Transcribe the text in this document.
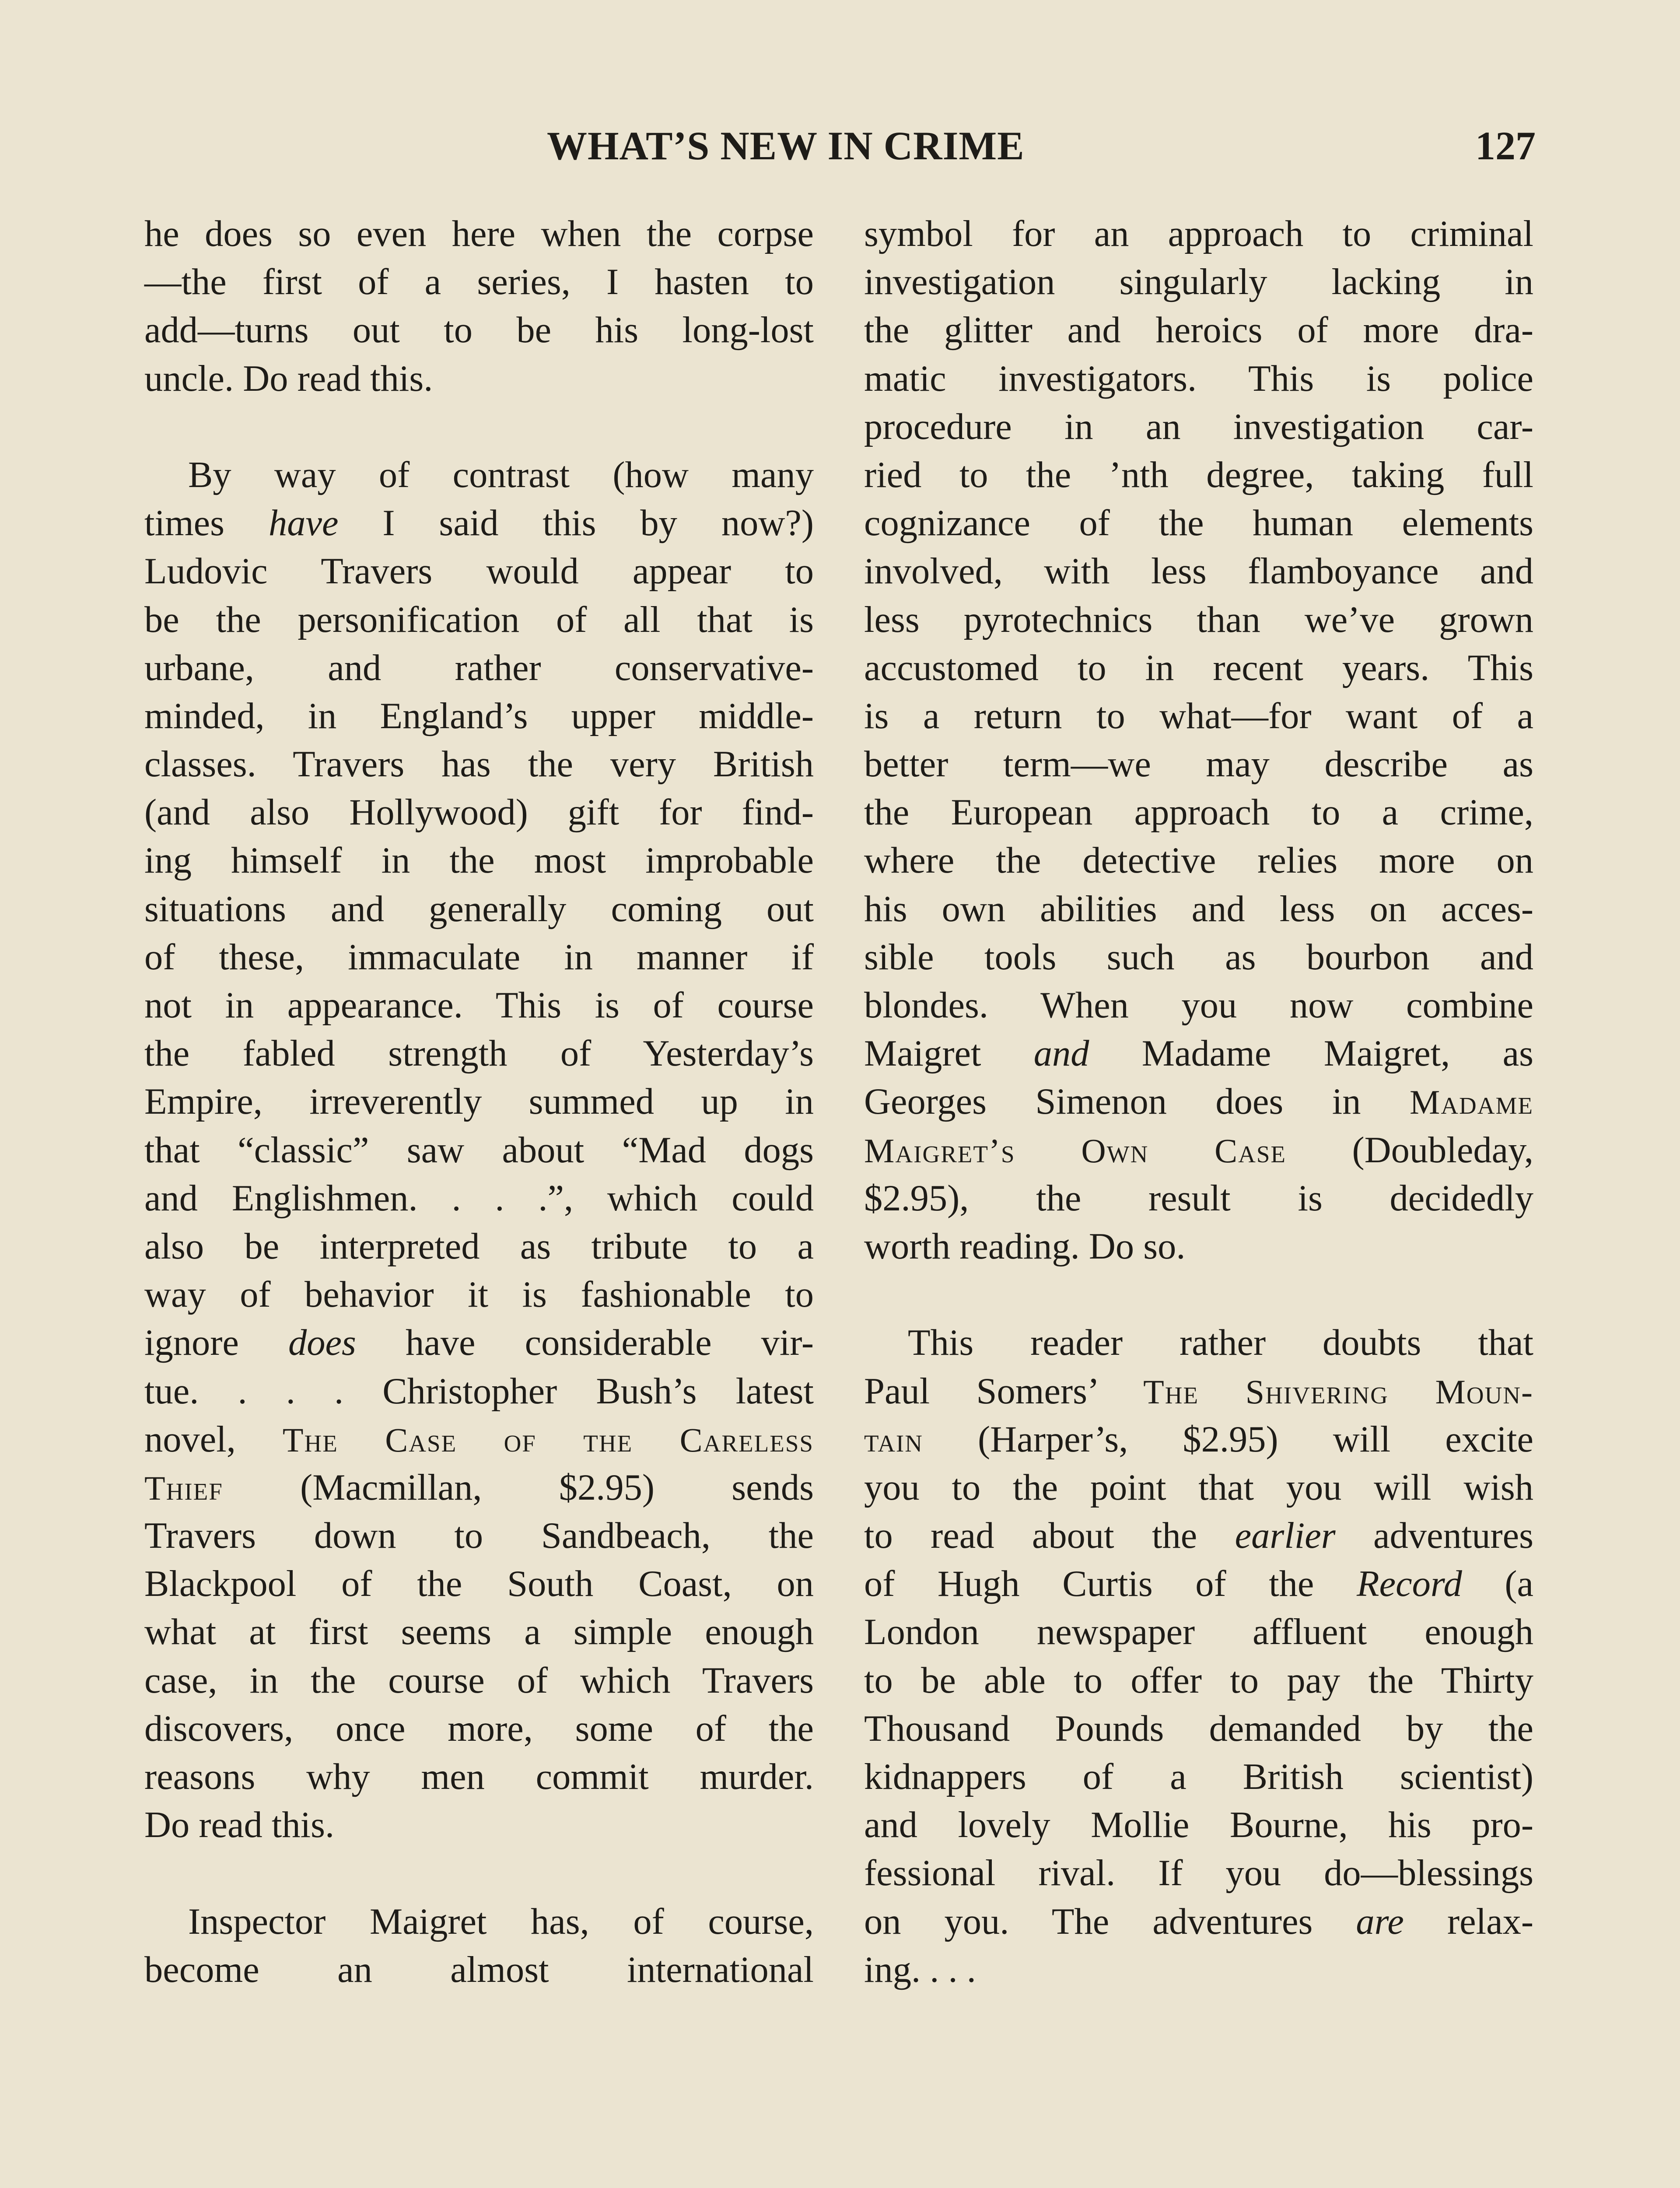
WHAT’S NEW IN CRIME	127
he does so even here when the corpse
—the first of a series, I hasten to
add—turns out to be his long-lost
uncle. Do read this.
By way of contrast (how many
times have I said this by now?)
Ludovic Travers would appear to
be the personification of all that is
urbane, and rather conservative-
minded, in England’s upper middle-
classes. Travers has the very British
(and also Hollywood) gift for find-
ing himself in the most improbable
situations and generally coming out
of these, immaculate in manner if
not in appearance. This is of course
the fabled strength of Yesterday’s
Empire, irreverently summed up in
that “classic” saw about “Mad dogs
and Englishmen. . . .”, which could
also be interpreted as tribute to a
way of behavior it is fashionable to
ignore does have considerable vir-
tue. . . . Christopher Bush’s latest
novel, The Case of the Careless
Thief (Macmillan, $2.95) sends
Travers down to Sandbeach, the
Blackpool of the South Coast, on
what at first seems a simple enough
case, in the course of which Travers
discovers, once more, some of the
reasons why men commit murder.
Do read this.
Inspector Maigret has, of course,
become an almost international
symbol for an approach to criminal
investigation singularly lacking in
the glitter and heroics of more dra-
matic investigators. This is police
procedure in an investigation car-
ried to the ’nth degree, taking full
cognizance of the human elements
involved, with less flamboyance and
less pyrotechnics than we’ve grown
accustomed to in recent years. This
is a return to what—for want of a
better term—we may describe as
the European approach to a crime,
where the detective relies more on
his own abilities and less on acces-
sible tools such as bourbon and
blondes. When you now combine
Maigret and Madame Maigret, as
Georges Simenon does in Madame
Maigret’s Own Case (Doubleday,
$2.95), the result is decidedly
worth reading. Do so.
This reader rather doubts that
Paul Somers’ The Shivering Moun-
tain (Harper’s, $2.95) will excite
you to the point that you will wish
to read about the earlier adventures
of Hugh Curtis of the Record (a
London newspaper affluent enough
to be able to offer to pay the Thirty
Thousand Pounds demanded by the
kidnappers of a British scientist)
and lovely Mollie Bourne, his pro-
fessional rival. If you do—blessings
on you. The adventures are relax-
ing. . . .
